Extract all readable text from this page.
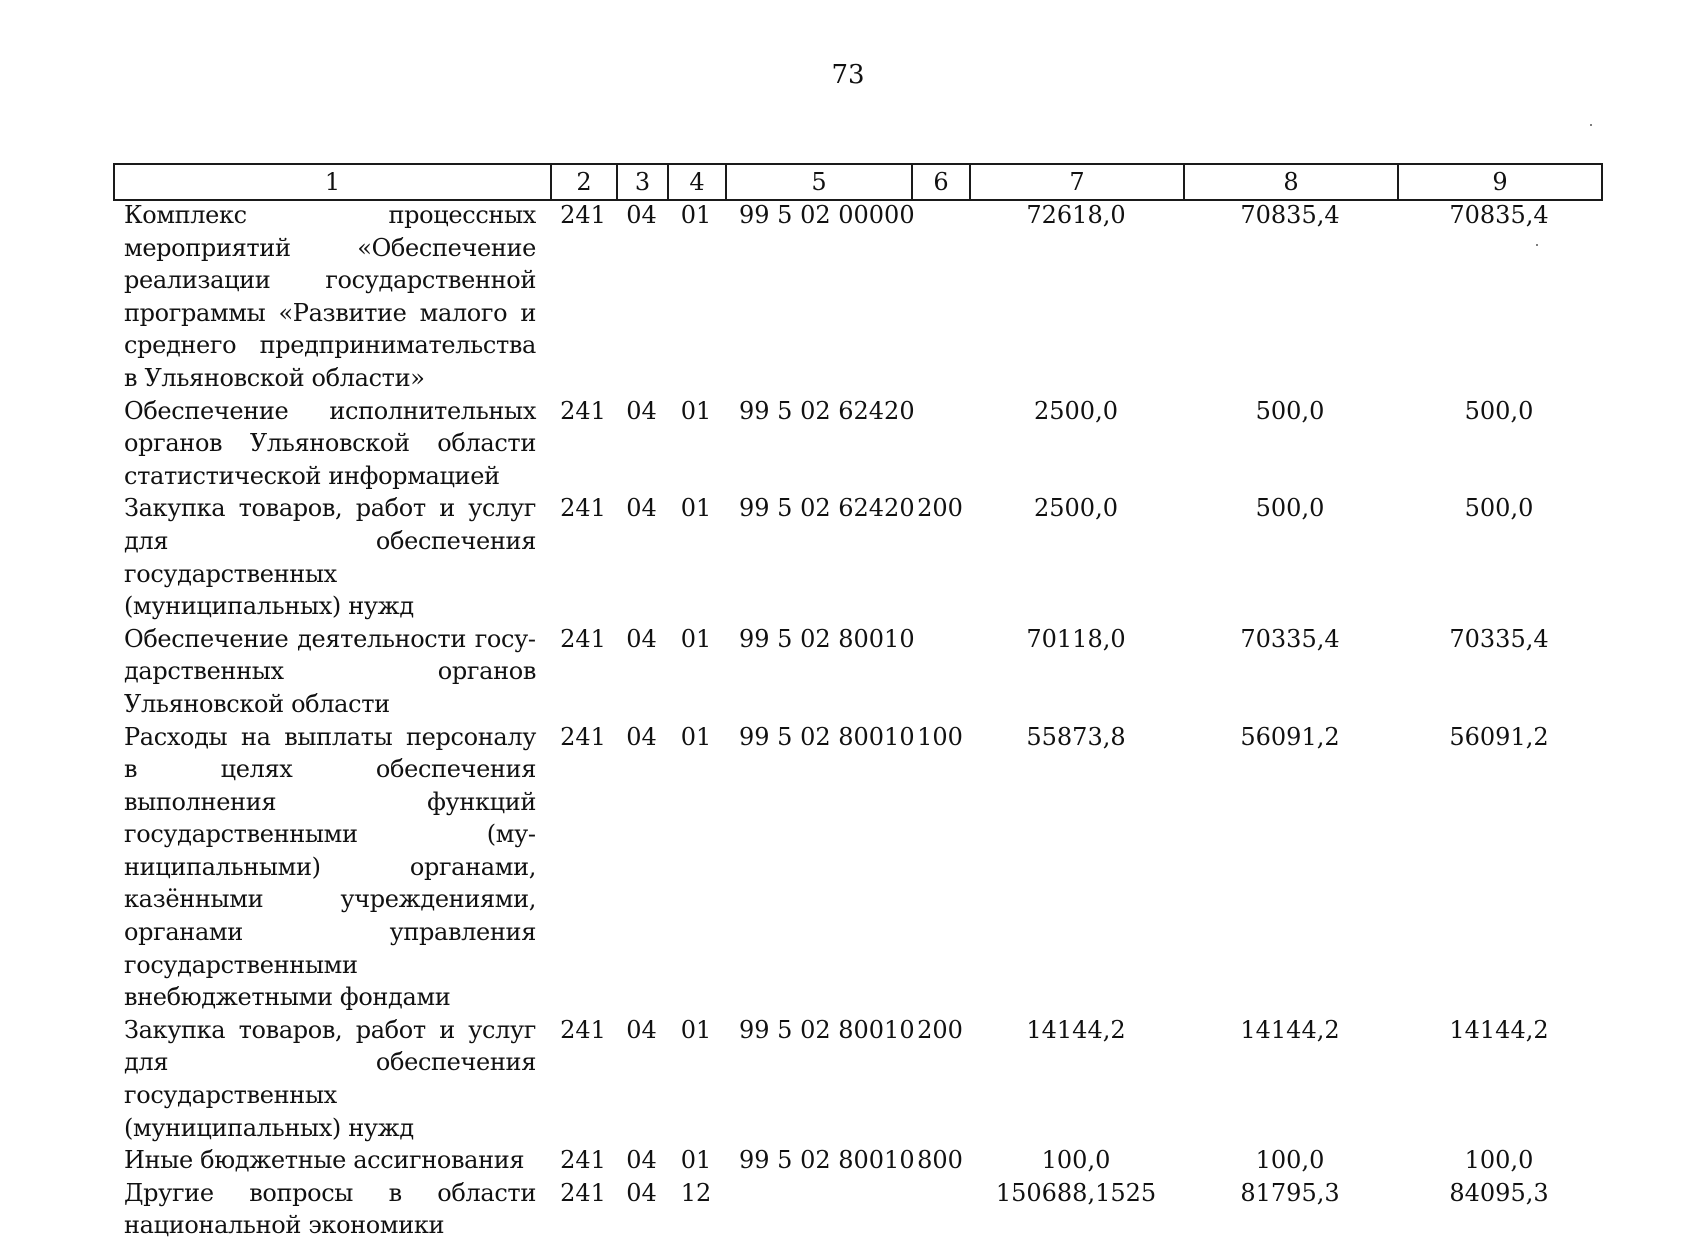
73
1	2	3	4	5	6	7	8	9
Комплекс процессных мероприятий «Обеспечение реализации государственной программы «Развитие малого и среднего предпринимательства в Ульяновской области»	241	04	01	99 5 02 00000		72618,0	70835,4	70835,4
Обеспечение исполнительных органов Ульяновской области статистической информацией	241	04	01	99 5 02 62420		2500,0	500,0	500,0
Закупка товаров, работ и услуг для обеспечения государственных (муниципальных) нужд	241	04	01	99 5 02 62420	200	2500,0	500,0	500,0
Обеспечение деятельности государственных органов Ульяновской области	241	04	01	99 5 02 80010		70118,0	70335,4	70335,4
Расходы на выплаты персоналу в целях обеспечения выполнения функций государственными (муниципальными) органами, казёнными учреждениями, органами управления государственными внебюджетными фондами	241	04	01	99 5 02 80010	100	55873,8	56091,2	56091,2
Закупка товаров, работ и услуг для обеспечения государственных (муниципальных) нужд	241	04	01	99 5 02 80010	200	14144,2	14144,2	14144,2
Иные бюджетные ассигнования	241	04	01	99 5 02 80010	800	100,0	100,0	100,0
Другие вопросы в области национальной экономики	241	04	12			150688,1525	81795,3	84095,3
